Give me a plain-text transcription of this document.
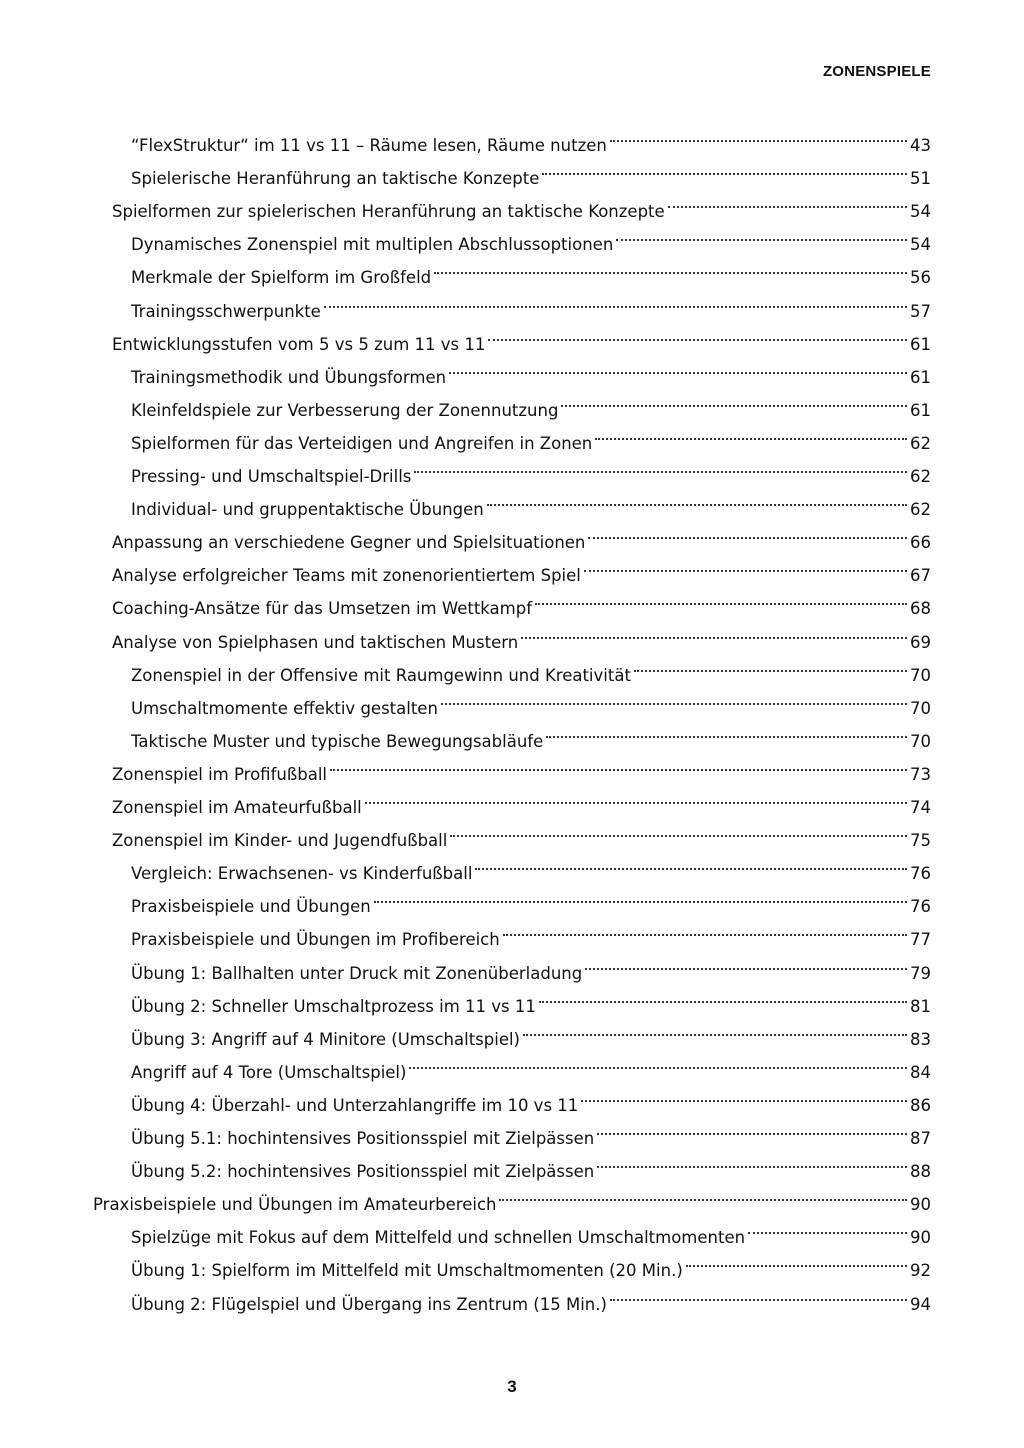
ZONENSPIELE
“FlexStruktur“ im 11 vs 11 – Räume lesen, Räume nutzen	43
Spielerische Heranführung an taktische Konzepte	51
Spielformen zur spielerischen Heranführung an taktische Konzepte	54
Dynamisches Zonenspiel mit multiplen Abschlussoptionen	54
Merkmale der Spielform im Großfeld	56
Trainingsschwerpunkte	57
Entwicklungsstufen vom 5 vs 5 zum 11 vs 11	61
Trainingsmethodik und Übungsformen	61
Kleinfeldspiele zur Verbesserung der Zonennutzung	61
Spielformen für das Verteidigen und Angreifen in Zonen	62
Pressing- und Umschaltspiel-Drills	62
Individual- und gruppentaktische Übungen	62
Anpassung an verschiedene Gegner und Spielsituationen	66
Analyse erfolgreicher Teams mit zonenorientiertem Spiel	67
Coaching-Ansätze für das Umsetzen im Wettkampf	68
Analyse von Spielphasen und taktischen Mustern	69
Zonenspiel in der Offensive mit Raumgewinn und Kreativität	70
Umschaltmomente effektiv gestalten	70
Taktische Muster und typische Bewegungsabläufe	70
Zonenspiel im Profifußball	73
Zonenspiel im Amateurfußball	74
Zonenspiel im Kinder- und Jugendfußball	75
Vergleich: Erwachsenen- vs Kinderfußball	76
Praxisbeispiele und Übungen	76
Praxisbeispiele und Übungen im Profibereich	77
Übung 1: Ballhalten unter Druck mit Zonenüberladung	79
Übung 2: Schneller Umschaltprozess im 11 vs 11	81
Übung 3: Angriff auf 4 Minitore (Umschaltspiel)	83
Angriff auf 4 Tore (Umschaltspiel)	84
Übung 4: Überzahl- und Unterzahlangriffe im 10 vs 11	86
Übung 5.1: hochintensives Positionsspiel mit Zielpässen	87
Übung 5.2: hochintensives Positionsspiel mit Zielpässen	88
Praxisbeispiele und Übungen im Amateurbereich	90
Spielzüge mit Fokus auf dem Mittelfeld und schnellen Umschaltmomenten	90
Übung 1: Spielform im Mittelfeld mit Umschaltmomenten (20 Min.)	92
Übung 2: Flügelspiel und Übergang ins Zentrum (15 Min.)	94
3
